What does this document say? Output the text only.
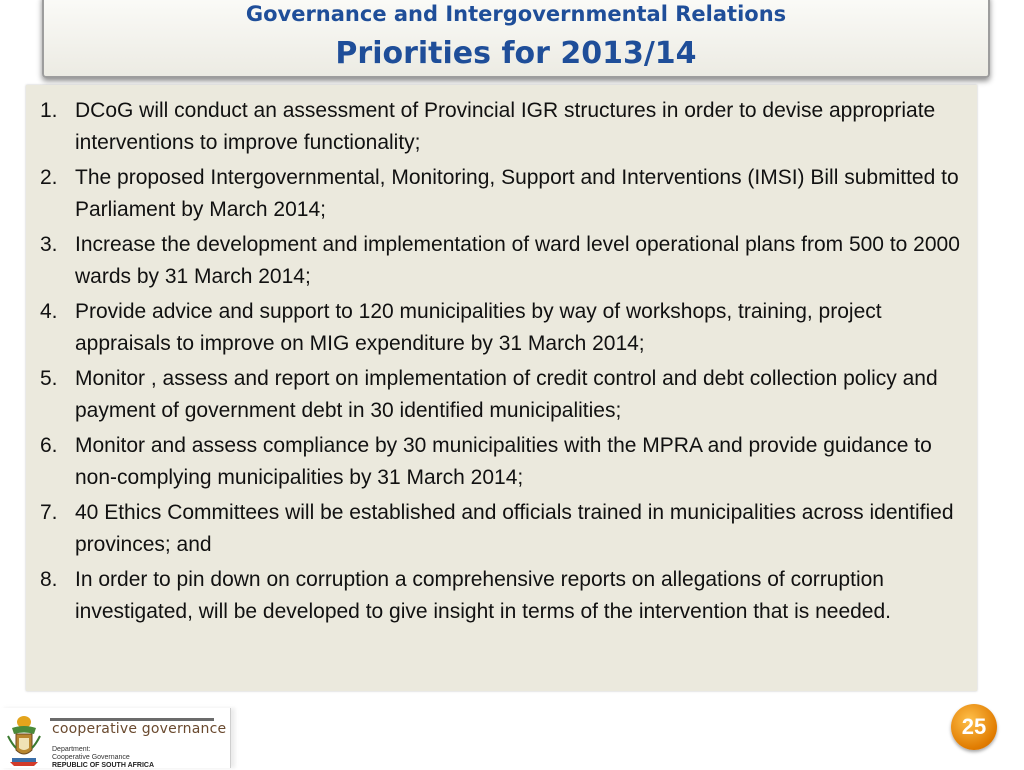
Governance and Intergovernmental Relations
Priorities for 2013/14
1. DCoG will conduct an assessment of Provincial IGR structures in order to devise appropriate interventions to improve functionality;
2. The proposed Intergovernmental, Monitoring, Support and Interventions (IMSI) Bill submitted to Parliament by March 2014;
3. Increase the development and implementation of ward level operational plans from 500 to 2000 wards by 31 March 2014;
4. Provide advice and support to 120 municipalities by way of workshops, training, project appraisals to improve on MIG expenditure by 31 March 2014;
5. Monitor , assess and report on implementation of credit control and debt collection policy and payment of government debt in 30 identified municipalities;
6. Monitor and assess compliance by 30 municipalities with the MPRA and provide guidance to non-complying municipalities by 31 March 2014;
7. 40 Ethics Committees will be established and officials trained in municipalities across identified provinces; and
8. In order to pin down on corruption a comprehensive reports on allegations of corruption investigated, will be developed to give insight in terms of the intervention that is needed.
cooperative governance
Department:
Cooperative Governance
REPUBLIC OF SOUTH AFRICA
25
